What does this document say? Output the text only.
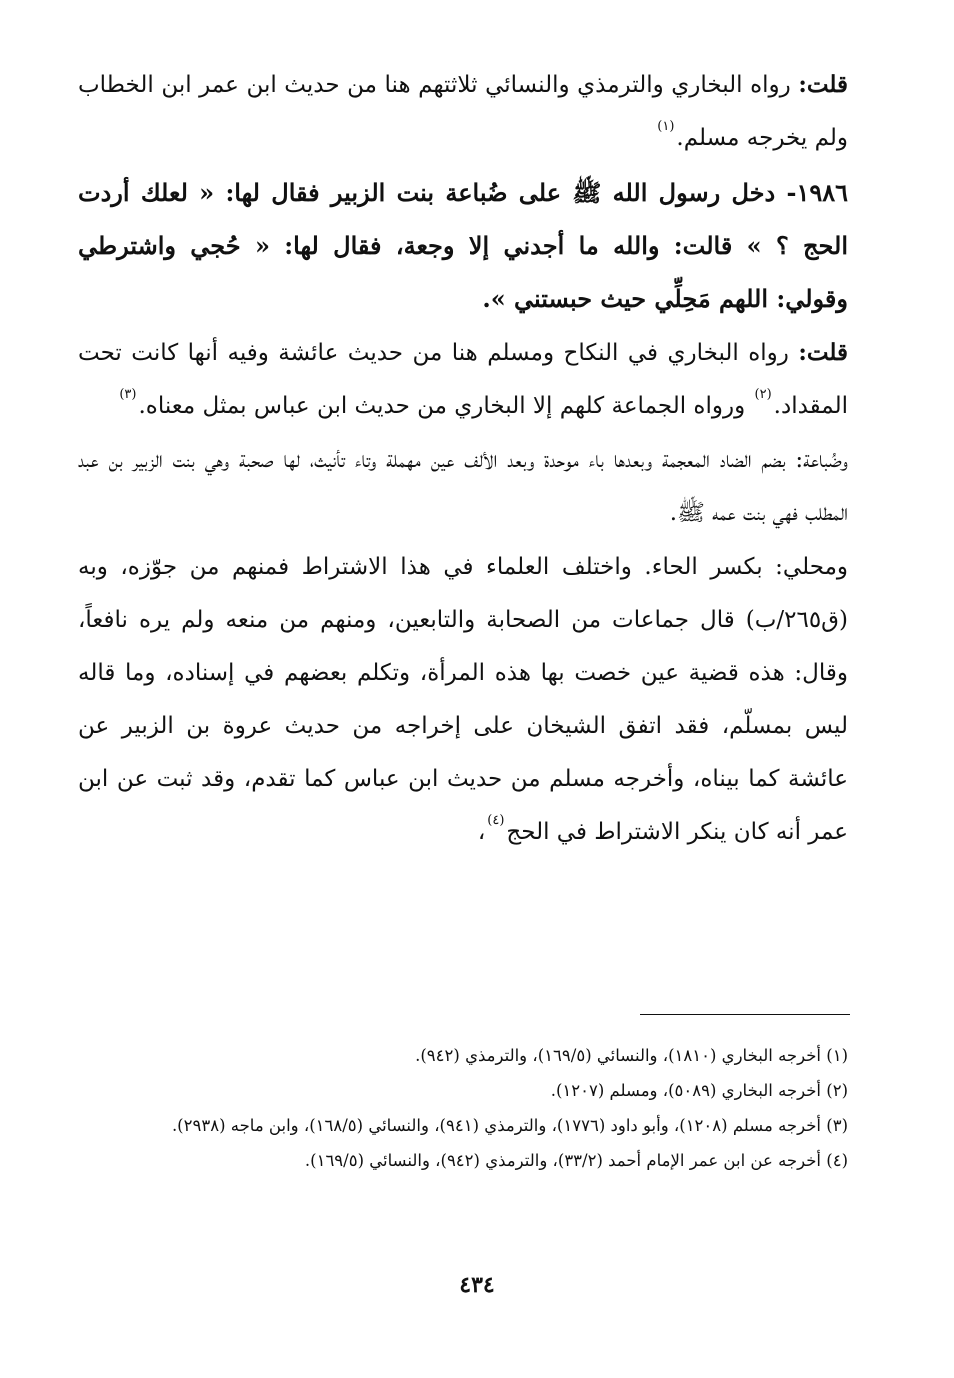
قلت: رواه البخاري والترمذي والنسائي ثلاثتهم هنا من حديث ابن عمر ابن الخطاب ولم يخرجه مسلم.$^{(١)}$

١٩٨٦- دخل رسول الله ﷺ على ضُباعة بنت الزبير فقال لها: « لعلك أردت الحج ؟ » قالت: والله ما أجدني إلا وجعة، فقال لها: « حُجي واشترطي وقولي: اللهم مَحِلِّي حيث حبستني ».

قلت: رواه البخاري في النكاح ومسلم هنا من حديث عائشة وفيه أنها كانت تحت المقداد.$^{(٢)}$ ورواه الجماعة كلهم إلا البخاري من حديث ابن عباس بمثل معناه.$^{(٣)}$

وضُباعة: بضم الضاد المعجمة وبعدها باء موحدة وبعد الألف عين مهملة وتاء تأنيث، لها صحبة وهي بنت الزبير بن عبد المطلب فهي بنت عمه ﷺ.

ومحلي: بكسر الحاء. واختلف العلماء في هذا الاشتراط فمنهم من جوّزه، وبه (ق٢٦٥/ب) قال جماعات من الصحابة والتابعين، ومنهم من منعه ولم يره نافعاً، وقال: هذه قضية عين خصت بها هذه المرأة، وتكلم بعضهم في إسناده، وما قاله ليس بمسلّم، فقد اتفق الشيخان على إخراجه من حديث عروة بن الزبير عن عائشة كما بيناه، وأخرجه مسلم من حديث ابن عباس كما تقدم، وقد ثبت عن ابن عمر أنه كان ينكر الاشتراط في الحج$^{(٤)}$،

(١) أخرجه البخاري (١٨١٠)، والنسائي (١٦٩/٥)، والترمذي (٩٤٢).

(٢) أخرجه البخاري (٥٠٨٩)، ومسلم (١٢٠٧).

(٣) أخرجه مسلم (١٢٠٨)، وأبو داود (١٧٧٦)، والترمذي (٩٤١)، والنسائي (١٦٨/٥)، وابن ماجه (٢٩٣٨).

(٤) أخرجه عن ابن عمر الإمام أحمد (٣٣/٢)، والترمذي (٩٤٢)، والنسائي (١٦٩/٥).

٤٣٤
